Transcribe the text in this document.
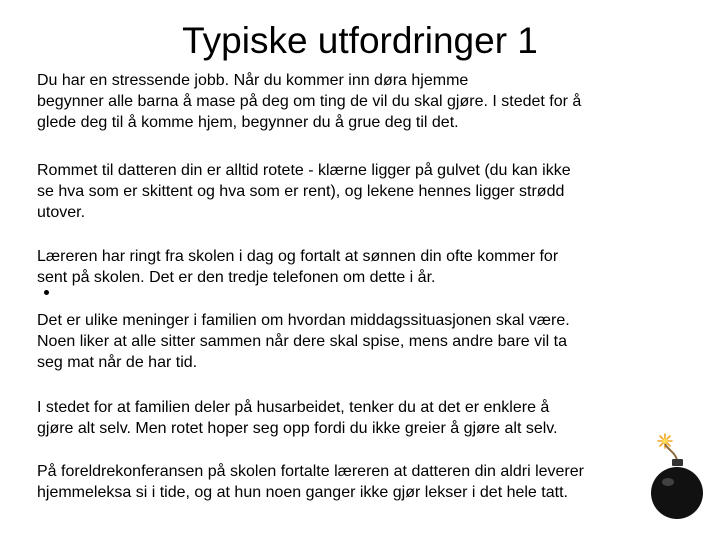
Typiske utfordringer 1

Du har en stressende jobb. Når du kommer inn døra hjemme
begynner alle barna å mase på deg om ting de vil du skal gjøre. I stedet for å
glede deg til å komme hjem, begynner du å grue deg til det.

Rommet til datteren din er alltid rotete - klærne ligger på gulvet (du kan ikke
se hva som er skittent og hva som er rent), og lekene hennes ligger strødd
utover.

Læreren har ringt fra skolen i dag og fortalt at sønnen din ofte kommer for
sent på skolen. Det er den tredje telefonen om dette i år.

Det er ulike meninger i familien om hvordan middagssituasjonen skal være.
Noen liker at alle sitter sammen når dere skal spise, mens andre bare vil ta
seg mat når de har tid.

I stedet for at familien deler på husarbeidet, tenker du at det er enklere å
gjøre alt selv. Men rotet hoper seg opp fordi du ikke greier å gjøre alt selv.

På foreldrekonferansen på skolen fortalte læreren at datteren din aldri leverer
hjemmeleksa si i tide, og at hun noen ganger ikke gjør lekser i det hele tatt.
